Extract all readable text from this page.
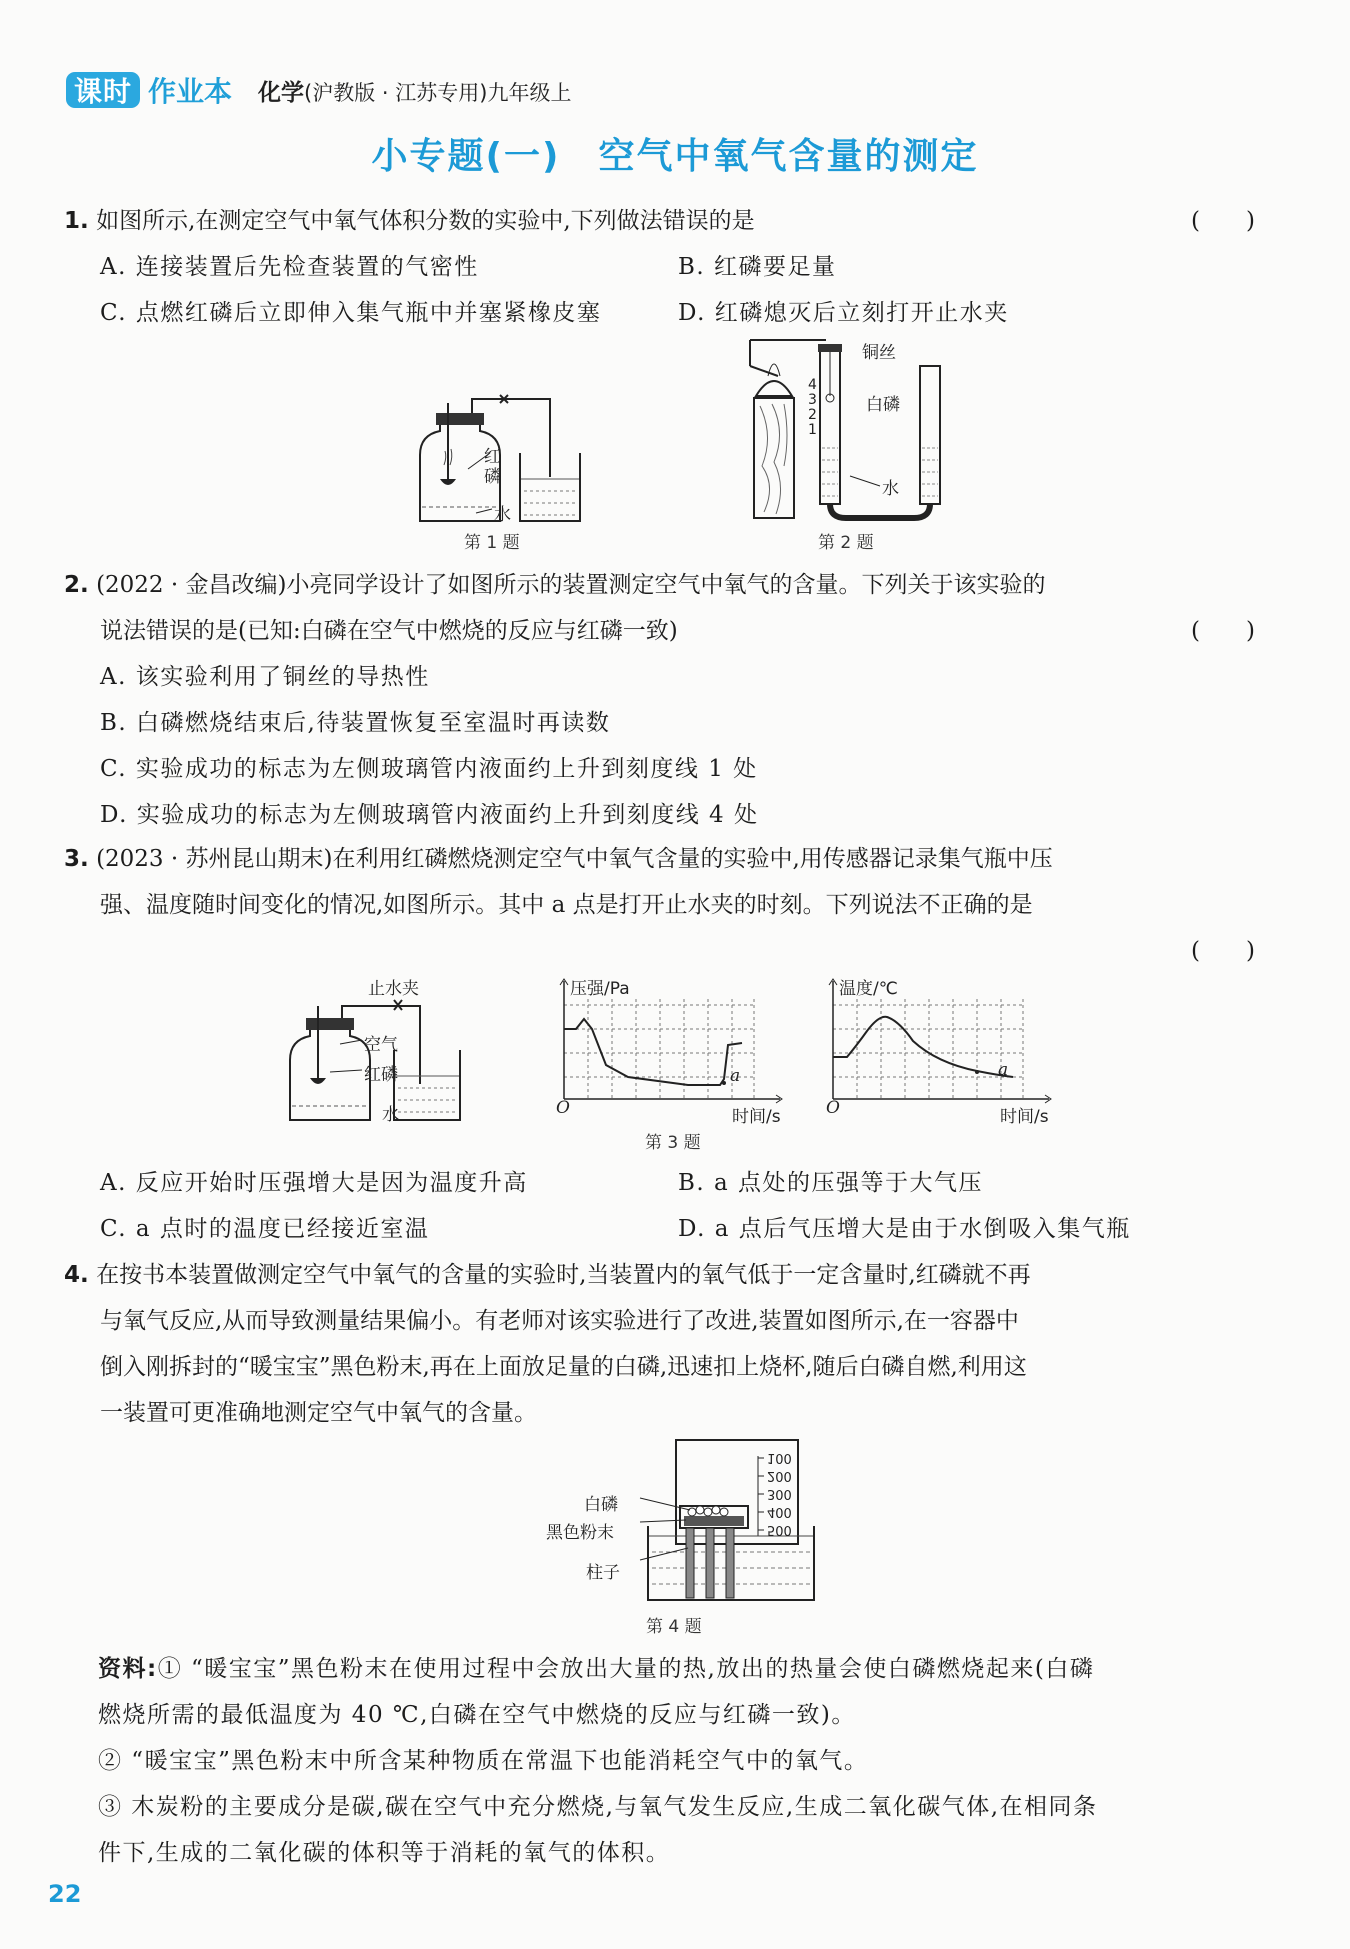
课时 作业本 化学(沪教版 · 江苏专用)九年级上
小专题(一)　空气中氧气含量的测定
1. 如图所示,在测定空气中氧气体积分数的实验中,下列做法错误的是	(　　)
A. 连接装置后先检查装置的气密性	B. 红磷要足量
C. 点燃红磷后立即伸入集气瓶中并塞紧橡皮塞	D. 红磷熄灭后立刻打开止水夹
红
磷
水
第 1 题
铜丝
白磷
水
4
3
2
1
第 2 题
2. (2022 · 金昌改编)小亮同学设计了如图所示的装置测定空气中氧气的含量。下列关于该实验的
说法错误的是(已知:白磷在空气中燃烧的反应与红磷一致)	(　　)
A. 该实验利用了铜丝的导热性
B. 白磷燃烧结束后,待装置恢复至室温时再读数
C. 实验成功的标志为左侧玻璃管内液面约上升到刻度线 1 处
D. 实验成功的标志为左侧玻璃管内液面约上升到刻度线 4 处
3. (2023 · 苏州昆山期末)在利用红磷燃烧测定空气中氧气含量的实验中,用传感器记录集气瓶中压
强、温度随时间变化的情况,如图所示。其中 a 点是打开止水夹的时刻。下列说法不正确的是
(　　)
止水夹
空气
红磷
水
压强/Pa
O
a
时间/s
温度/℃
O
a
时间/s
第 3 题
A. 反应开始时压强增大是因为温度升高	B. a 点处的压强等于大气压
C. a 点时的温度已经接近室温	D. a 点后气压增大是由于水倒吸入集气瓶
4. 在按书本装置做测定空气中氧气的含量的实验时,当装置内的氧气低于一定含量时,红磷就不再
与氧气反应,从而导致测量结果偏小。有老师对该实验进行了改进,装置如图所示,在一容器中
倒入刚拆封的“暖宝宝”黑色粉末,再在上面放足量的白磷,迅速扣上烧杯,随后白磷自燃,利用这
一装置可更准确地测定空气中氧气的含量。
白磷
黑色粉末
柱子
500
400
300
200
100
第 4 题
资料:① “暖宝宝”黑色粉末在使用过程中会放出大量的热,放出的热量会使白磷燃烧起来(白磷
燃烧所需的最低温度为 40 ℃,白磷在空气中燃烧的反应与红磷一致)。
② “暖宝宝”黑色粉末中所含某种物质在常温下也能消耗空气中的氧气。
③ 木炭粉的主要成分是碳,碳在空气中充分燃烧,与氧气发生反应,生成二氧化碳气体,在相同条
件下,生成的二氧化碳的体积等于消耗的氧气的体积。
22
